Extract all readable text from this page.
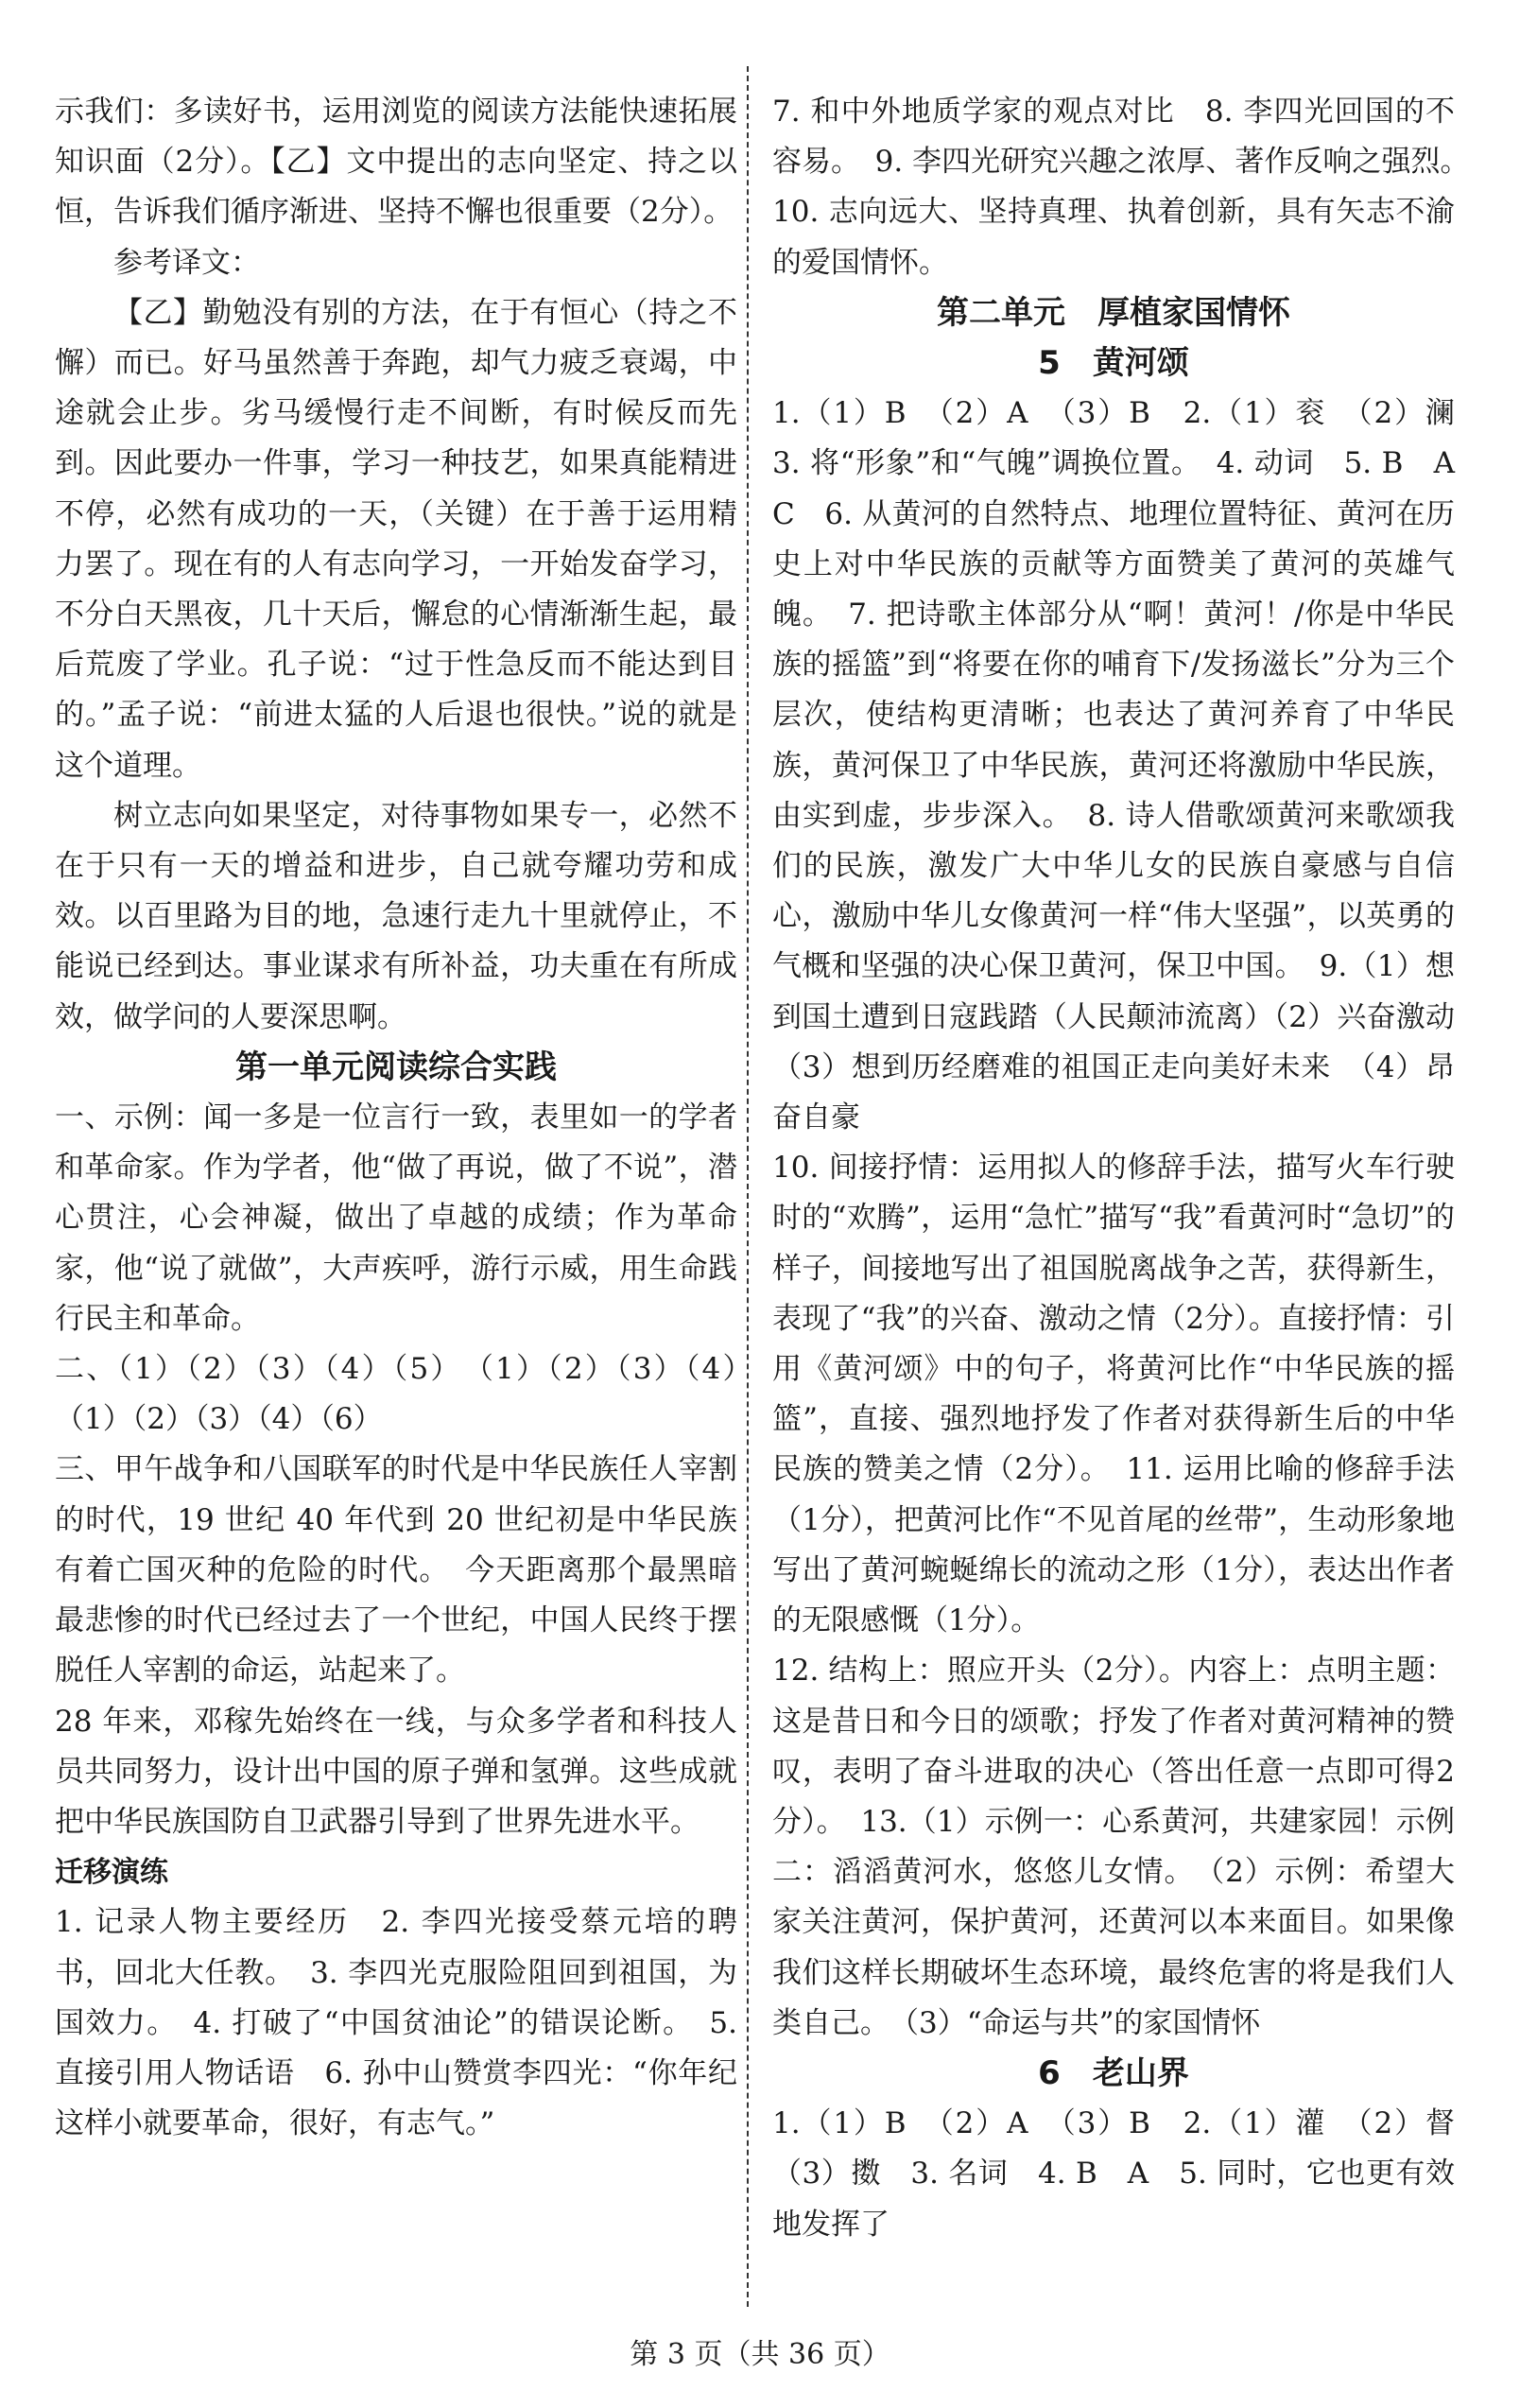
示我们：多读好书，运用浏览的阅读方法能快速拓展知识面（2分）。【乙】文中提出的志向坚定、持之以恒，告诉我们循序渐进、坚持不懈也很重要（2分）。

参考译文：

【乙】勤勉没有别的方法，在于有恒心（持之不懈）而已。好马虽然善于奔跑，却气力疲乏衰竭，中途就会止步。劣马缓慢行走不间断，有时候反而先到。因此要办一件事，学习一种技艺，如果真能精进不停，必然有成功的一天，（关键）在于善于运用精力罢了。现在有的人有志向学习，一开始发奋学习，不分白天黑夜，几十天后，懈怠的心情渐渐生起，最后荒废了学业。孔子说：“过于性急反而不能达到目的。”孟子说：“前进太猛的人后退也很快。”说的就是这个道理。

树立志向如果坚定，对待事物如果专一，必然不在于只有一天的增益和进步，自己就夸耀功劳和成效。以百里路为目的地，急速行走九十里就停止，不能说已经到达。事业谋求有所补益，功夫重在有所成效，做学问的人要深思啊。

第一单元阅读综合实践

一、示例：闻一多是一位言行一致，表里如一的学者和革命家。作为学者，他“做了再说，做了不说”，潜心贯注，心会神凝，做出了卓越的成绩；作为革命家，他“说了就做”，大声疾呼，游行示威，用生命践行民主和革命。

二、（1）（2）（3）（4）（5）　（1）（2）（3）（4）　（1）（2）（3）（4）（6）

三、甲午战争和八国联军的时代是中华民族任人宰割的时代，19 世纪 40 年代到 20 世纪初是中华民族有着亡国灭种的危险的时代。　今天距离那个最黑暗最悲惨的时代已经过去了一个世纪，中国人民终于摆脱任人宰割的命运，站起来了。

28 年来，邓稼先始终在一线，与众多学者和科技人员共同努力，设计出中国的原子弹和氢弹。这些成就把中华民族国防自卫武器引导到了世界先进水平。

迁移演练

1. 记录人物主要经历　2. 李四光接受蔡元培的聘书，回北大任教。　3. 李四光克服险阻回到祖国，为国效力。　4. 打破了“中国贫油论”的错误论断。　5. 直接引用人物话语　6. 孙中山赞赏李四光：“你年纪这样小就要革命，很好，有志气。”

7. 和中外地质学家的观点对比　8. 李四光回国的不容易。　9. 李四光研究兴趣之浓厚、著作反响之强烈。　10. 志向远大、坚持真理、执着创新，具有矢志不渝的爱国情怀。

第二单元　厚植家国情怀

5　黄河颂

1.（1）B　（2）A　（3）B　2.（1）衮　（2）澜　3. 将“形象”和“气魄”调换位置。　4. 动词　5. B　A　C　6. 从黄河的自然特点、地理位置特征、黄河在历史上对中华民族的贡献等方面赞美了黄河的英雄气魄。　7. 把诗歌主体部分从“啊！黄河！/你是中华民族的摇篮”到“将要在你的哺育下/发扬滋长”分为三个层次，使结构更清晰；也表达了黄河养育了中华民族，黄河保卫了中华民族，黄河还将激励中华民族，由实到虚，步步深入。　8. 诗人借歌颂黄河来歌颂我们的民族，激发广大中华儿女的民族自豪感与自信心，激励中华儿女像黄河一样“伟大坚强”，以英勇的气概和坚强的决心保卫黄河，保卫中国。　9.（1）想到国土遭到日寇践踏（人民颠沛流离）（2）兴奋激动　（3）想到历经磨难的祖国正走向美好未来　（4）昂奋自豪

10. 间接抒情：运用拟人的修辞手法，描写火车行驶时的“欢腾”，运用“急忙”描写“我”看黄河时“急切”的样子，间接地写出了祖国脱离战争之苦，获得新生，表现了“我”的兴奋、激动之情（2分）。直接抒情：引用《黄河颂》中的句子，将黄河比作“中华民族的摇篮”，直接、强烈地抒发了作者对获得新生后的中华民族的赞美之情（2分）。　11. 运用比喻的修辞手法（1分），把黄河比作“不见首尾的丝带”，生动形象地写出了黄河蜿蜒绵长的流动之形（1分），表达出作者的无限感慨（1分）。

12. 结构上：照应开头（2分）。内容上：点明主题：这是昔日和今日的颂歌；抒发了作者对黄河精神的赞叹，表明了奋斗进取的决心（答出任意一点即可得2分）。　13.（1）示例一：心系黄河，共建家园！示例二：滔滔黄河水，悠悠儿女情。　（2）示例：希望大家关注黄河，保护黄河，还黄河以本来面目。如果像我们这样长期破坏生态环境，最终危害的将是我们人类自己。　（3）“命运与共”的家国情怀

6　老山界

1.（1）B　（2）A　（3）B　2.（1）灌　（2）督　（3）擞　3. 名词　4. B　A　5. 同时，它也更有效地发挥了

第 3 页（共 36 页）
